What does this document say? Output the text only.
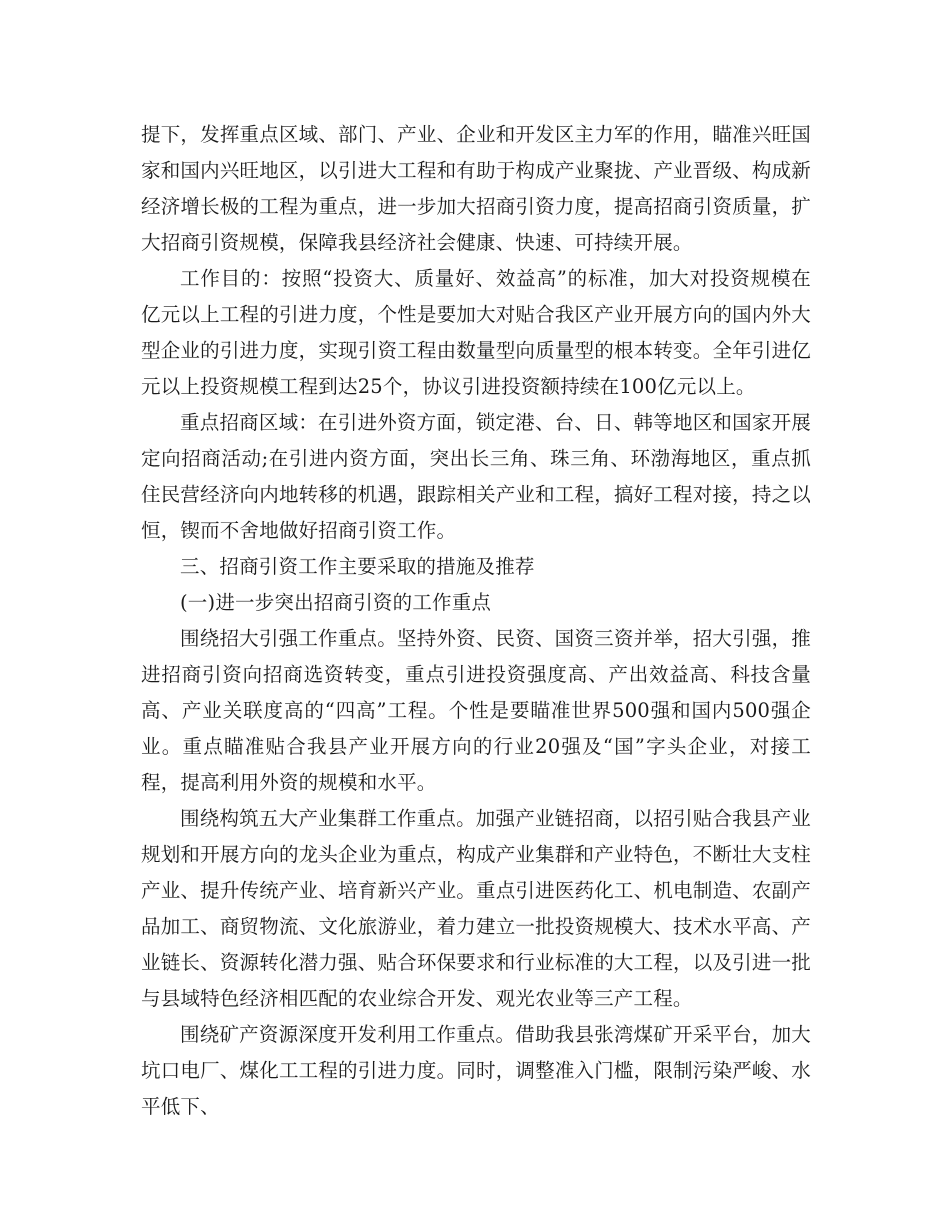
提下，发挥重点区域、部门、产业、企业和开发区主力军的作用，瞄准兴旺国家和国内兴旺地区，以引进大工程和有助于构成产业聚拢、产业晋级、构成新经济增长极的工程为重点，进一步加大招商引资力度，提高招商引资质量，扩大招商引资规模，保障我县经济社会健康、快速、可持续开展。

工作目的：按照“投资大、质量好、效益高”的标准，加大对投资规模在亿元以上工程的引进力度，个性是要加大对贴合我区产业开展方向的国内外大型企业的引进力度，实现引资工程由数量型向质量型的根本转变。全年引进亿元以上投资规模工程到达25个，协议引进投资额持续在100亿元以上。

重点招商区域：在引进外资方面，锁定港、台、日、韩等地区和国家开展定向招商活动;在引进内资方面，突出长三角、珠三角、环渤海地区，重点抓住民营经济向内地转移的机遇，跟踪相关产业和工程，搞好工程对接，持之以恒，锲而不舍地做好招商引资工作。

三、招商引资工作主要采取的措施及推荐

(一)进一步突出招商引资的工作重点

围绕招大引强工作重点。坚持外资、民资、国资三资并举，招大引强，推进招商引资向招商选资转变，重点引进投资强度高、产出效益高、科技含量高、产业关联度高的“四高”工程。个性是要瞄准世界500强和国内500强企业。重点瞄准贴合我县产业开展方向的行业20强及“国”字头企业，对接工程，提高利用外资的规模和水平。

围绕构筑五大产业集群工作重点。加强产业链招商，以招引贴合我县产业规划和开展方向的龙头企业为重点，构成产业集群和产业特色，不断壮大支柱产业、提升传统产业、培育新兴产业。重点引进医药化工、机电制造、农副产品加工、商贸物流、文化旅游业，着力建立一批投资规模大、技术水平高、产业链长、资源转化潜力强、贴合环保要求和行业标准的大工程，以及引进一批与县域特色经济相匹配的农业综合开发、观光农业等三产工程。

围绕矿产资源深度开发利用工作重点。借助我县张湾煤矿开采平台，加大坑口电厂、煤化工工程的引进力度。同时，调整准入门槛，限制污染严峻、水平低下、
